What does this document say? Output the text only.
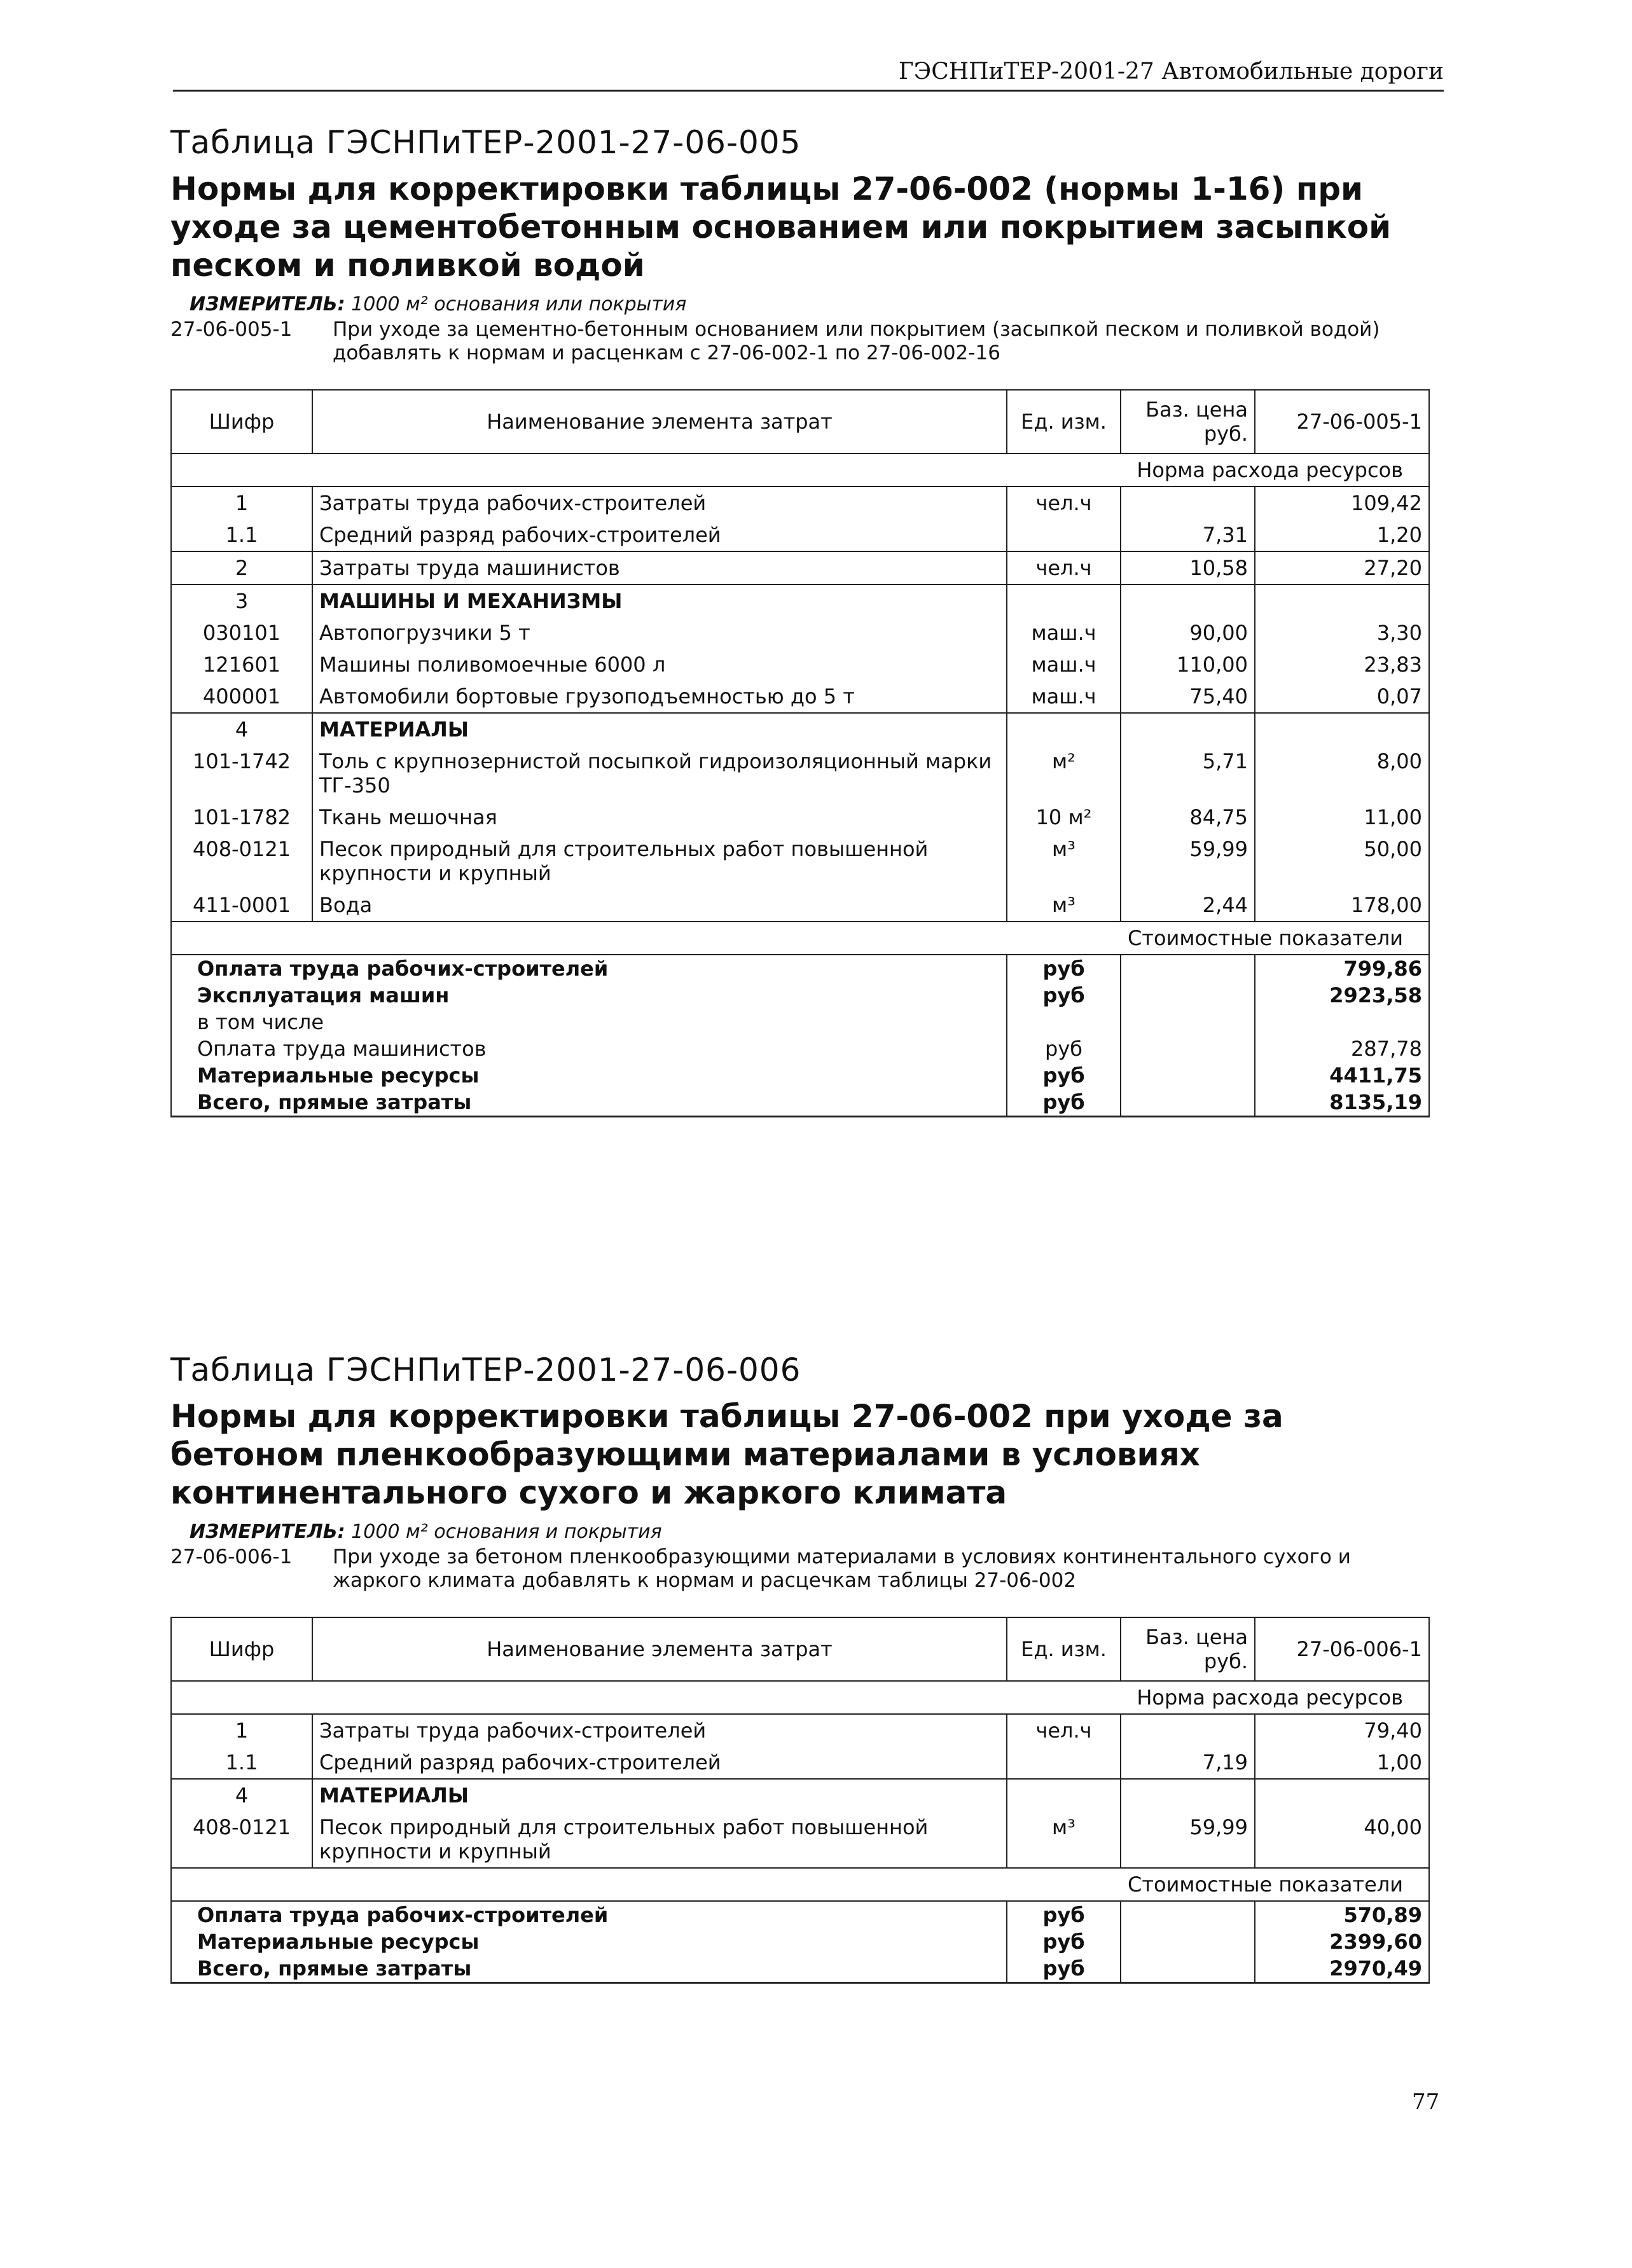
ГЭСНПиТЕР-2001-27 Автомобильные дороги
Таблица ГЭСНПиТЕР-2001-27-06-005
Нормы для корректировки таблицы 27-06-002 (нормы 1-16) при уходе за цементобетонным основанием или покрытием засыпкой песком и поливкой водой
ИЗМЕРИТЕЛЬ: 1000 м² основания или покрытия
27-06-005-1	При уходе за цементно-бетонным основанием или покрытием (засыпкой песком и поливкой водой) добавлять к нормам и расценкам с 27-06-002-1 по 27-06-002-16
Шифр	Наименование элемента затрат	Ед. изм.	Баз. цена руб.	27-06-005-1
Норма расхода ресурсов				
1	Затраты труда рабочих-строителей	чел.ч		109,42
1.1	Средний разряд рабочих-строителей		7,31	1,20
2	Затраты труда машинистов	чел.ч	10,58	27,20
3	МАШИНЫ И МЕХАНИЗМЫ			
030101	Автопогрузчики 5 т	маш.ч	90,00	3,30
121601	Машины поливомоечные 6000 л	маш.ч	110,00	23,83
400001	Автомобили бортовые грузоподъемностью до 5 т	маш.ч	75,40	0,07
4	МАТЕРИАЛЫ			
101-1742	Толь с крупнозернистой посыпкой гидроизоляционный марки ТГ-350	м²	5,71	8,00
101-1782	Ткань мешочная	10 м²	84,75	11,00
408-0121	Песок природный для строительных работ повышенной крупности и крупный	м³	59,99	50,00
411-0001	Вода	м³	2,44	178,00
Стоимостные показатели				
Оплата труда рабочих-строителей		руб		799,86
Эксплуатация машин		руб		2923,58
в том числе				
Оплата труда машинистов		руб		287,78
Материальные ресурсы		руб		4411,75
Всего, прямые затраты		руб		8135,19
Таблица ГЭСНПиТЕР-2001-27-06-006
Нормы для корректировки таблицы 27-06-002 при уходе за бетоном пленкообразующими материалами в условиях континентального сухого и жаркого климата
ИЗМЕРИТЕЛЬ: 1000 м² основания и покрытия
27-06-006-1	При уходе за бетоном пленкообразующими материалами в условиях континентального сухого и жаркого климата добавлять к нормам и расцечкам таблицы 27-06-002
Шифр	Наименование элемента затрат	Ед. изм.	Баз. цена руб.	27-06-006-1
Норма расхода ресурсов				
1	Затраты труда рабочих-строителей	чел.ч		79,40
1.1	Средний разряд рабочих-строителей		7,19	1,00
4	МАТЕРИАЛЫ			
408-0121	Песок природный для строительных работ повышенной крупности и крупный	м³	59,99	40,00
Стоимостные показатели				
Оплата труда рабочих-строителей		руб		570,89
Материальные ресурсы		руб		2399,60
Всего, прямые затраты		руб		2970,49
77
